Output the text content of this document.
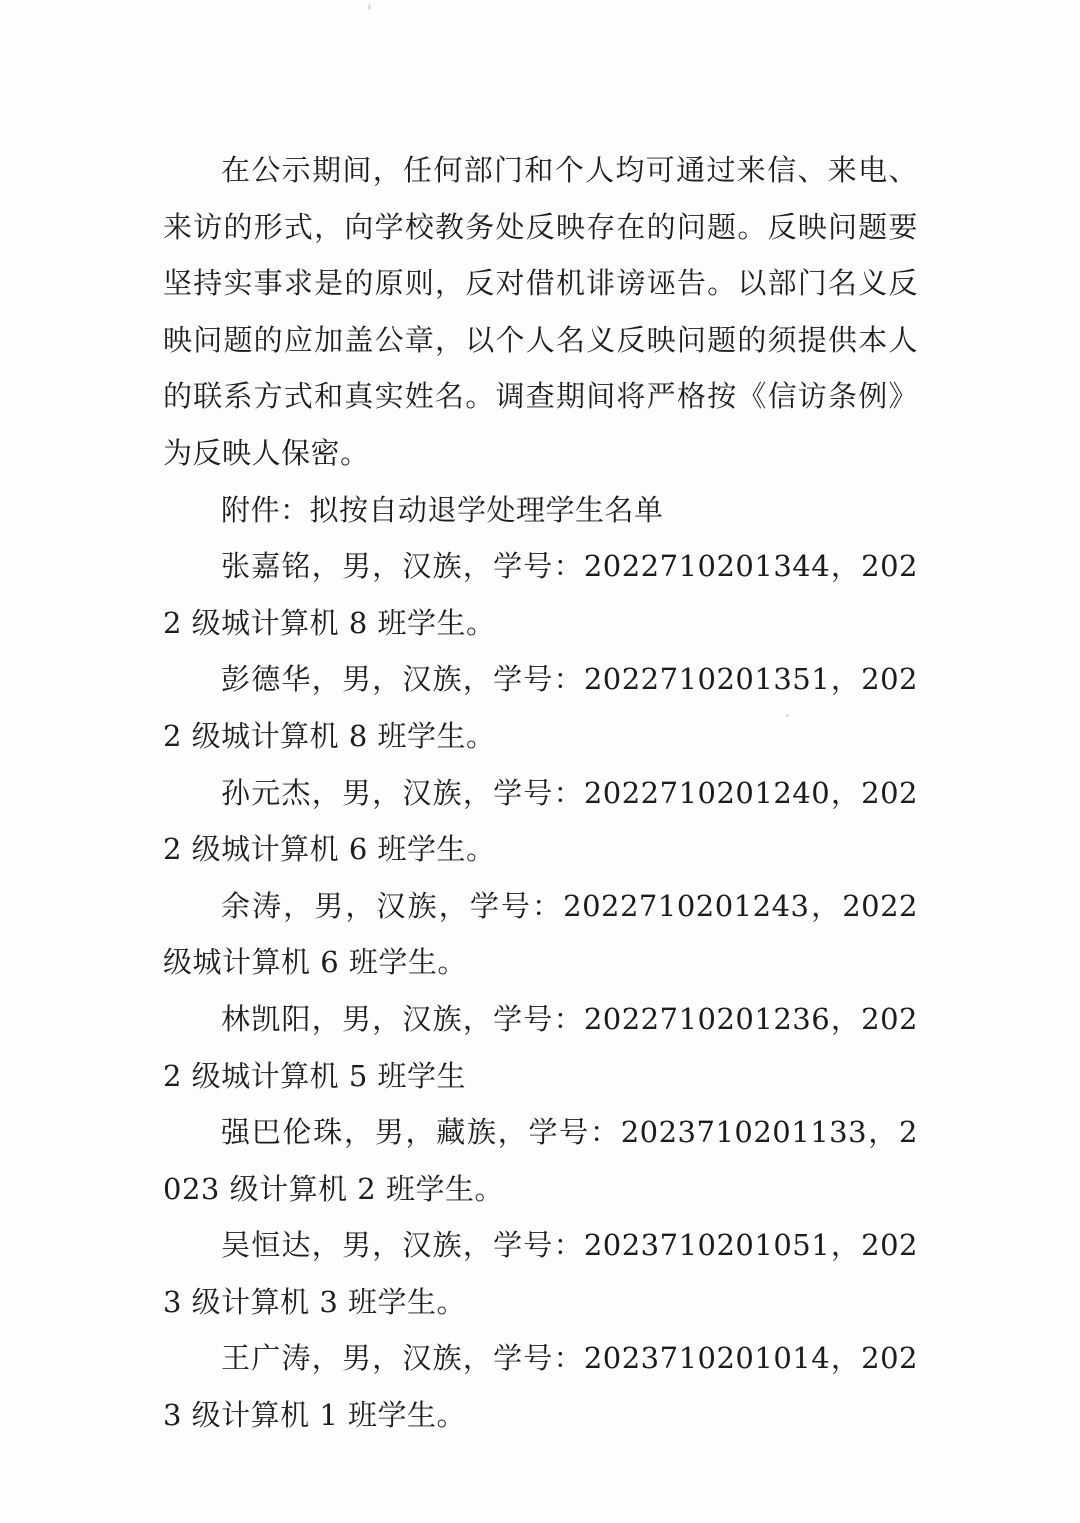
在公示期间，任何部门和个人均可通过来信、来电、来访的形式，向学校教务处反映存在的问题。反映问题要坚持实事求是的原则，反对借机诽谤诬告。以部门名义反映问题的应加盖公章，以个人名义反映问题的须提供本人的联系方式和真实姓名。调查期间将严格按《信访条例》为反映人保密。

附件：拟按自动退学处理学生名单

张嘉铭，男，汉族，学号：2022710201344，2022 级城计算机 8 班学生。

彭德华，男，汉族，学号：2022710201351，2022 级城计算机 8 班学生。

孙元杰，男，汉族，学号：2022710201240，2022 级城计算机 6 班学生。

余涛，男，汉族，学号：2022710201243，2022 级城计算机 6 班学生。

林凯阳，男，汉族，学号：2022710201236，2022 级城计算机 5 班学生

强巴伦珠，男，藏族，学号：2023710201133，2023 级计算机 2 班学生。

吴恒达，男，汉族，学号：2023710201051，2023 级计算机 3 班学生。

王广涛，男，汉族，学号：2023710201014，2023 级计算机 1 班学生。
